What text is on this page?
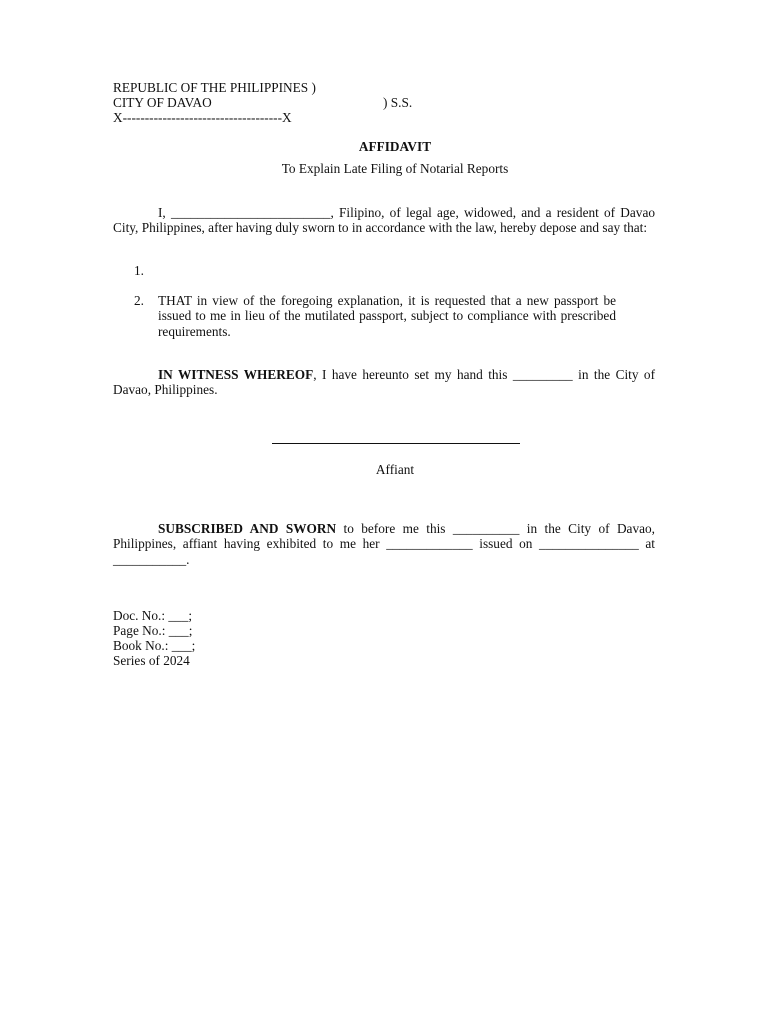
REPUBLIC OF THE PHILIPPINES )
CITY OF DAVAO	) S.S.
X------------------------------------X
AFFIDAVIT
To Explain Late Filing of Notarial Reports
I, ________________________, Filipino, of legal age, widowed, and a resident of Davao City, Philippines, after having duly sworn to in accordance with the law, hereby depose and say that:
1.
2. THAT in view of the foregoing explanation, it is requested that a new passport be issued to me in lieu of the mutilated passport, subject to compliance with prescribed requirements.
IN WITNESS WHEREOF, I have hereunto set my hand this _________ in the City of Davao, Philippines.
Affiant
SUBSCRIBED AND SWORN to before me this __________ in the City of Davao, Philippines, affiant having exhibited to me her _____________ issued on _______________ at ___________.
Doc. No.: ___;
Page No.: ___;
Book No.: ___;
Series of 2024
